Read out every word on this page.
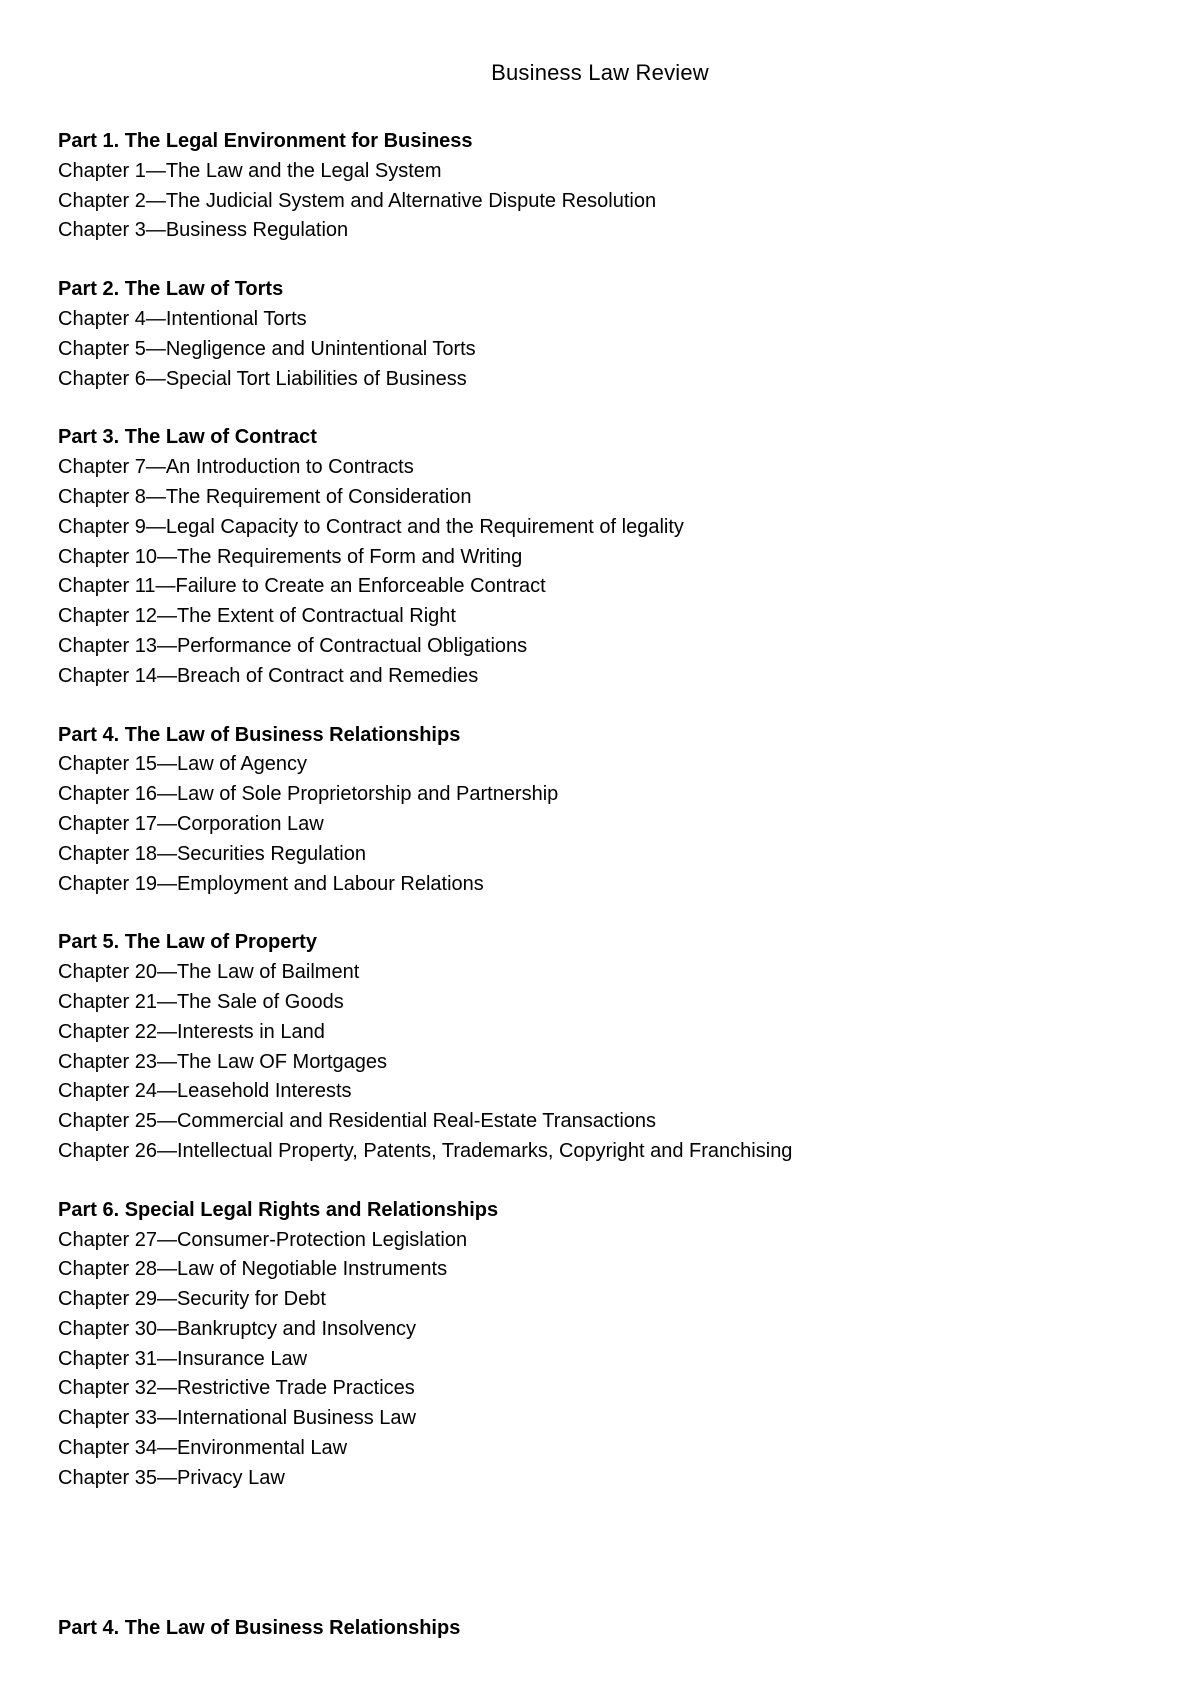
Business Law Review
Part 1. The Legal Environment for Business
Chapter 1—The Law and the Legal System
Chapter 2—The Judicial System and Alternative Dispute Resolution
Chapter 3—Business Regulation
Part 2. The Law of Torts
Chapter 4—Intentional Torts
Chapter 5—Negligence and Unintentional Torts
Chapter 6—Special Tort Liabilities of Business
Part 3. The Law of Contract
Chapter 7—An Introduction to Contracts
Chapter 8—The Requirement of Consideration
Chapter 9—Legal Capacity to Contract and the Requirement of legality
Chapter 10—The Requirements of Form and Writing
Chapter 11—Failure to Create an Enforceable Contract
Chapter 12—The Extent of Contractual Right
Chapter 13—Performance of Contractual Obligations
Chapter 14—Breach of Contract and Remedies
Part 4. The Law of Business Relationships
Chapter 15—Law of Agency
Chapter 16—Law of Sole Proprietorship and Partnership
Chapter 17—Corporation Law
Chapter 18—Securities Regulation
Chapter 19—Employment and Labour Relations
Part 5. The Law of Property
Chapter 20—The Law of Bailment
Chapter 21—The Sale of Goods
Chapter 22—Interests in Land
Chapter 23—The Law OF Mortgages
Chapter 24—Leasehold Interests
Chapter 25—Commercial and Residential Real-Estate Transactions
Chapter 26—Intellectual Property, Patents, Trademarks, Copyright and Franchising
Part 6. Special Legal Rights and Relationships
Chapter 27—Consumer-Protection Legislation
Chapter 28—Law of Negotiable Instruments
Chapter 29—Security for Debt
Chapter 30—Bankruptcy and Insolvency
Chapter 31—Insurance Law
Chapter 32—Restrictive Trade Practices
Chapter 33—International Business Law
Chapter 34—Environmental Law
Chapter 35—Privacy Law
Part 4. The Law of Business Relationships
